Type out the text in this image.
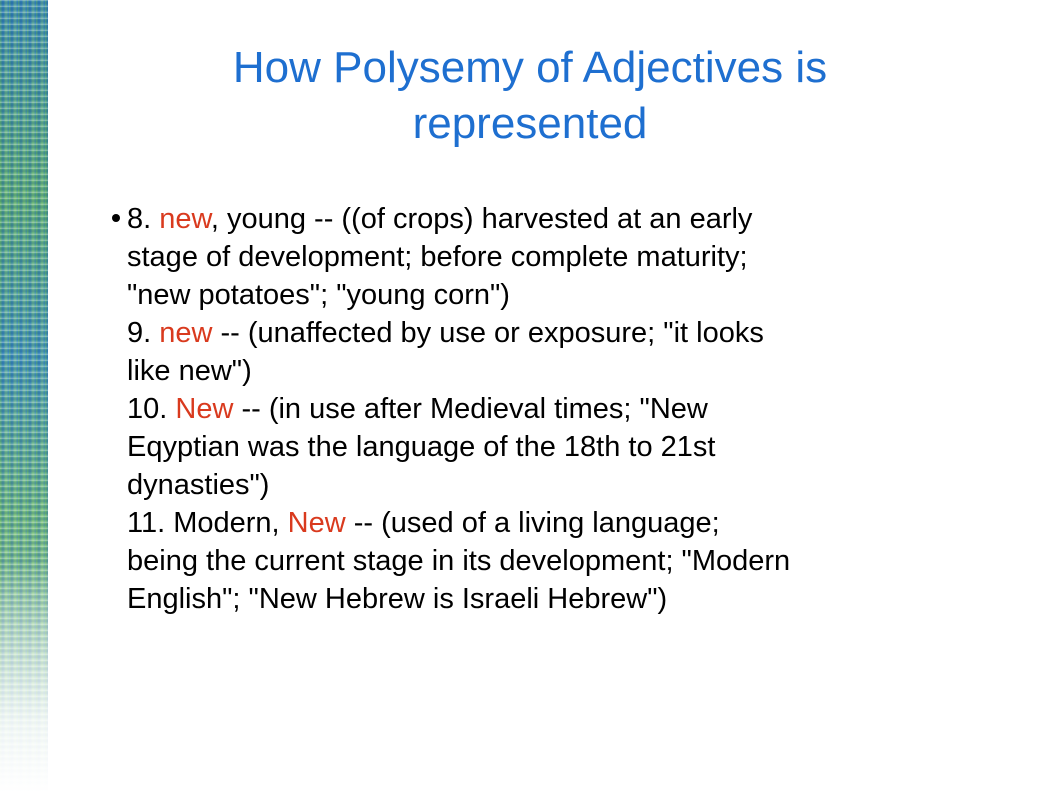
How Polysemy of Adjectives is
represented
8. new, young -- ((of crops) harvested at an early
stage of development; before complete maturity;
"new potatoes"; "young corn")
9. new -- (unaffected by use or exposure; "it looks
like new")
10. New -- (in use after Medieval times; "New
Eqyptian was the language of the 18th to 21st
dynasties")
11. Modern, New -- (used of a living language;
being the current stage in its development; "Modern
English"; "New Hebrew is Israeli Hebrew")
